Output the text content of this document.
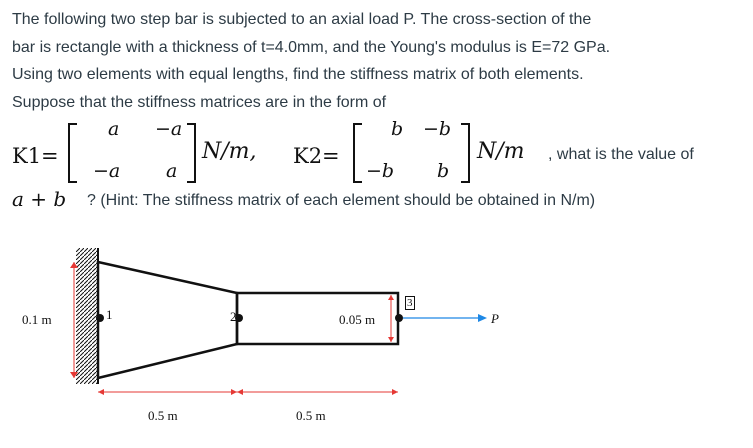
The following two step bar is subjected to an axial load P. The cross-section of the

bar is rectangle with a thickness of t=4.0mm, and the Young's modulus is E=72 GPa.

Using two elements with equal lengths, find the stiffness matrix of both elements.

Suppose that the stiffness matrices are in the form of

K1=
a −a
−a a
N/m, K2=
b −b
−b b
N/m , what is the value of
a + b ? (Hint: The stiffness matrix of each element should be obtained in N/m)
0.1 m	1	2
3
0.05 m	P
0.5 m	0.5 m
